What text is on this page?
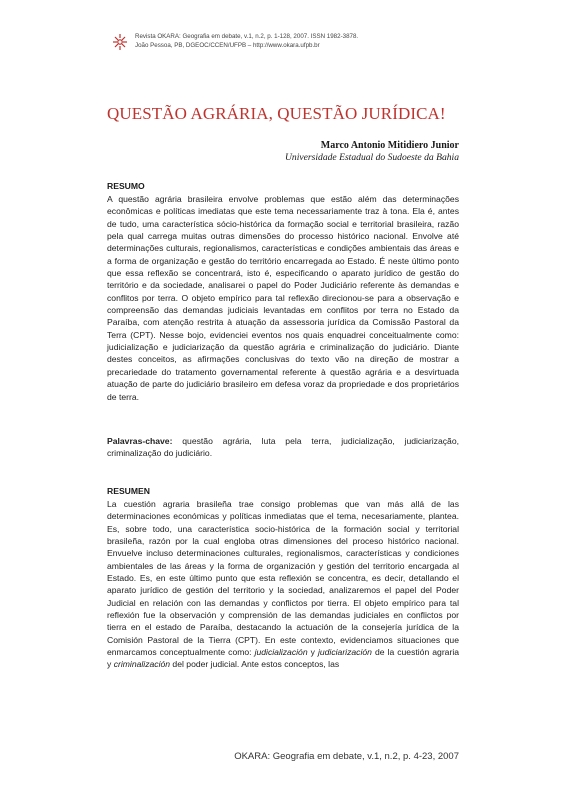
Revista OKARA: Geografia em debate, v.1, n.2, p. 1-128, 2007. ISSN 1982-3878.
João Pessoa, PB, DGEOC/CCEN/UFPB – http://www.okara.ufpb.br
QUESTÃO AGRÁRIA, QUESTÃO JURÍDICA!
Marco Antonio Mitidiero Junior
Universidade Estadual do Sudoeste da Bahia
RESUMO
A questão agrária brasileira envolve problemas que estão além das determinações econômicas e políticas imediatas que este tema necessariamente traz à tona. Ela é, antes de tudo, uma característica sócio-histórica da formação social e territorial brasileira, razão pela qual carrega muitas outras dimensões do processo histórico nacional. Envolve até determinações culturais, regionalismos, características e condições ambientais das áreas e a forma de organização e gestão do território encarregada ao Estado. É neste último ponto que essa reflexão se concentrará, isto é, especificando o aparato jurídico de gestão do território e da sociedade, analisarei o papel do Poder Judiciário referente às demandas e conflitos por terra. O objeto empírico para tal reflexão direcionou-se para a observação e compreensão das demandas judiciais levantadas em conflitos por terra no Estado da Paraíba, com atenção restrita à atuação da assessoria jurídica da Comissão Pastoral da Terra (CPT). Nesse bojo, evidenciei eventos nos quais enquadrei conceitualmente como: judicialização e judiciarização da questão agrária e criminalização do judiciário. Diante destes conceitos, as afirmações conclusivas do texto vão na direção de mostrar a precariedade do tratamento governamental referente à questão agrária e a desvirtuada atuação de parte do judiciário brasileiro em defesa voraz da propriedade e dos proprietários de terra.
Palavras-chave: questão agrária, luta pela terra, judicialização, judiciarização, criminalização do judiciário.
RESUMEN
La cuestión agraria brasileña trae consigo problemas que van más allá de las determinaciones económicas y políticas inmediatas que el tema, necesariamente, plantea. Es, sobre todo, una característica socio-histórica de la formación social y territorial brasileña, razón por la cual engloba otras dimensiones del proceso histórico nacional. Envuelve incluso determinaciones culturales, regionalismos, características y condiciones ambientales de las áreas y la forma de organización y gestión del territorio encargada al Estado. Es, en este último punto que esta reflexión se concentra, es decir, detallando el aparato jurídico de gestión del territorio y la sociedad, analizaremos el papel del Poder Judicial en relación con las demandas y conflictos por tierra. El objeto empírico para tal reflexión fue la observación y comprensión de las demandas judiciales en conflictos por tierra en el estado de Paraíba, destacando la actuación de la consejería jurídica de la Comisión Pastoral de la Tierra (CPT). En este contexto, evidenciamos situaciones que enmarcamos conceptualmente como: judicialización y judiciarización de la cuestión agraria y criminalización del poder judicial. Ante estos conceptos, las
OKARA: Geografia em debate, v.1, n.2, p. 4-23, 2007
